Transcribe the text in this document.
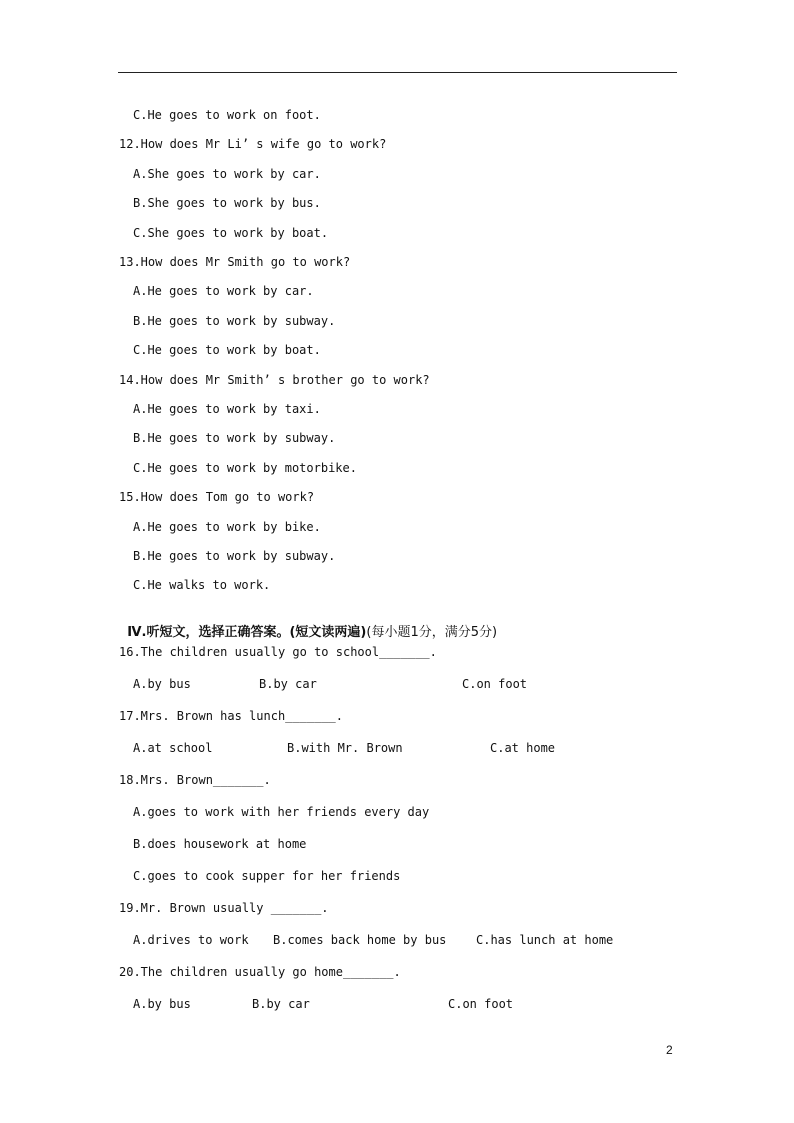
C.He goes to work on foot.
12.How does Mr Li’ s wife go to work?
A.She goes to work by car.
B.She goes to work by bus.
C.She goes to work by boat.
13.How does Mr Smith go to work?
A.He goes to work by car.
B.He goes to work by subway.
C.He goes to work by boat.
14.How does Mr Smith’ s brother go to work?
A.He goes to work by taxi.
B.He goes to work by subway.
C.He goes to work by motorbike.
15.How does Tom go to work?
A.He goes to work by bike.
B.He goes to work by subway.
C.He walks to work.

Ⅳ.听短文，选择正确答案。(短文读两遍)(每小题1分，满分5分)

16.The children usually go to school_______.
A.by bus	B.by car	C.on foot
17.Mrs. Brown has lunch_______.
A.at school	B.with Mr. Brown	C.at home
18.Mrs. Brown_______.
A.goes to work with her friends every day
B.does housework at home
C.goes to cook supper for her friends
19.Mr. Brown usually _______.
A.drives to work B.comes back home by bus C.has lunch at home
20.The children usually go home_______.
A.by bus	B.by car	C.on foot
2
